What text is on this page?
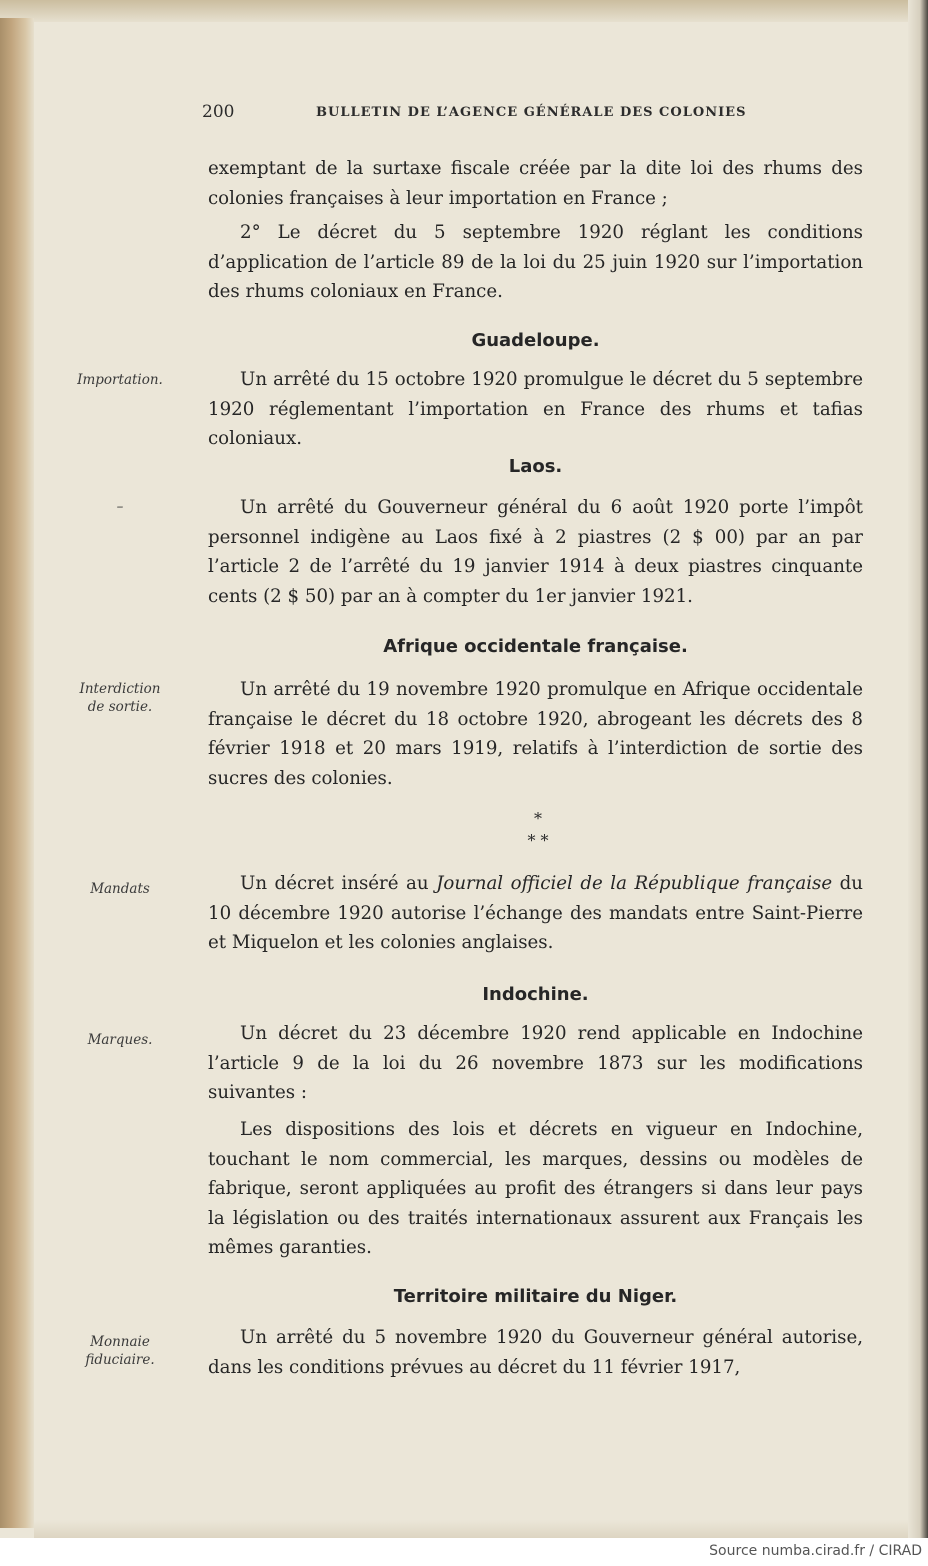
200	BULLETIN DE L’AGENCE GÉNÉRALE DES COLONIES

exemptant de la surtaxe fiscale créée par la dite loi des rhums des colonies françaises à leur importation en France ;

2° Le décret du 5 septembre 1920 réglant les conditions d’application de l’article 89 de la loi du 25 juin 1920 sur l’importation des rhums coloniaux en France.

Guadeloupe.
Importation.	Un arrêté du 15 octobre 1920 promulgue le décret du 5 septembre 1920 réglementant l’importation en France des rhums et tafias coloniaux.

Laos.
–	Un arrêté du Gouverneur général du 6 août 1920 porte l’impôt personnel indigène au Laos fixé à 2 piastres (2 $ 00) par an par l’article 2 de l’arrêté du 19 janvier 1914 à deux piastres cinquante cents (2 $ 50) par an à compter du 1er janvier 1921.

Afrique occidentale française.
Interdiction
de sortie.

Un arrêté du 19 novembre 1920 promulque en Afrique occidentale française le décret du 18 octobre 1920, abrogeant les décrets des 8 février 1918 et 20 mars 1919, relatifs à l’interdiction de sortie des sucres des colonies.

*
* *
Mandats	Un décret inséré au Journal officiel de la République française du 10 décembre 1920 autorise l’échange des mandats entre Saint-Pierre et Miquelon et les colonies anglaises.

Indochine.
Marques.	Un décret du 23 décembre 1920 rend applicable en Indochine l’article 9 de la loi du 26 novembre 1873 sur les modifications suivantes :

Les dispositions des lois et décrets en vigueur en Indochine, touchant le nom commercial, les marques, dessins ou modèles de fabrique, seront appliquées au profit des étrangers si dans leur pays la législation ou des traités internationaux assurent aux Français les mêmes garanties.

Territoire militaire du Niger.
Monnaie
fiduciaire.

Un arrêté du 5 novembre 1920 du Gouverneur général autorise, dans les conditions prévues au décret du 11 février 1917,

Source numba.cirad.fr / CIRAD
